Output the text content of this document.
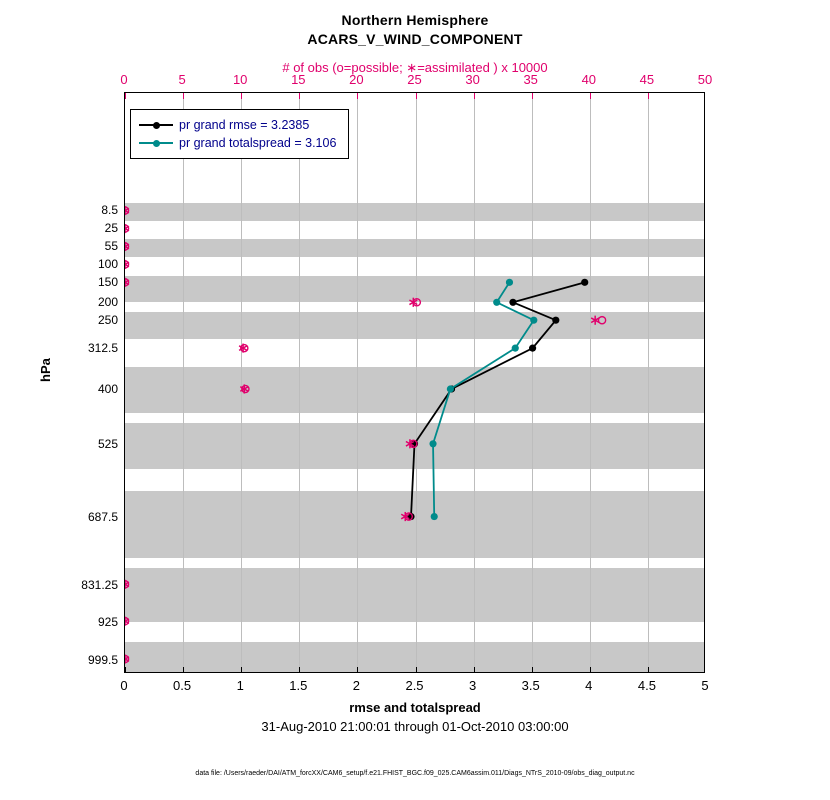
Northern Hemisphere
ACARS_V_WIND_COMPONENT
# of obs (o=possible; ∗=assimilated ) x 10000
hPa
rmse and totalspread
31-Aug-2010 21:00:01 through 01-Oct-2010 03:00:00
data file: /Users/raeder/DAI/ATM_forcXX/CAM6_setup/f.e21.FHIST_BGC.f09_025.CAM6assim.011/Diags_NTrS_2010-09/obs_diag_output.nc
pr grand rmse = 3.2385
pr grand totalspread = 3.106
0	0.5	1	1.5	2	2.5	3	3.5	4	4.5	5
0	5	10	15	20	25	30	35	40	45	50
8.5
25
55
100
150
200
250
312.5
400
525
687.5
831.25
925
999.5
